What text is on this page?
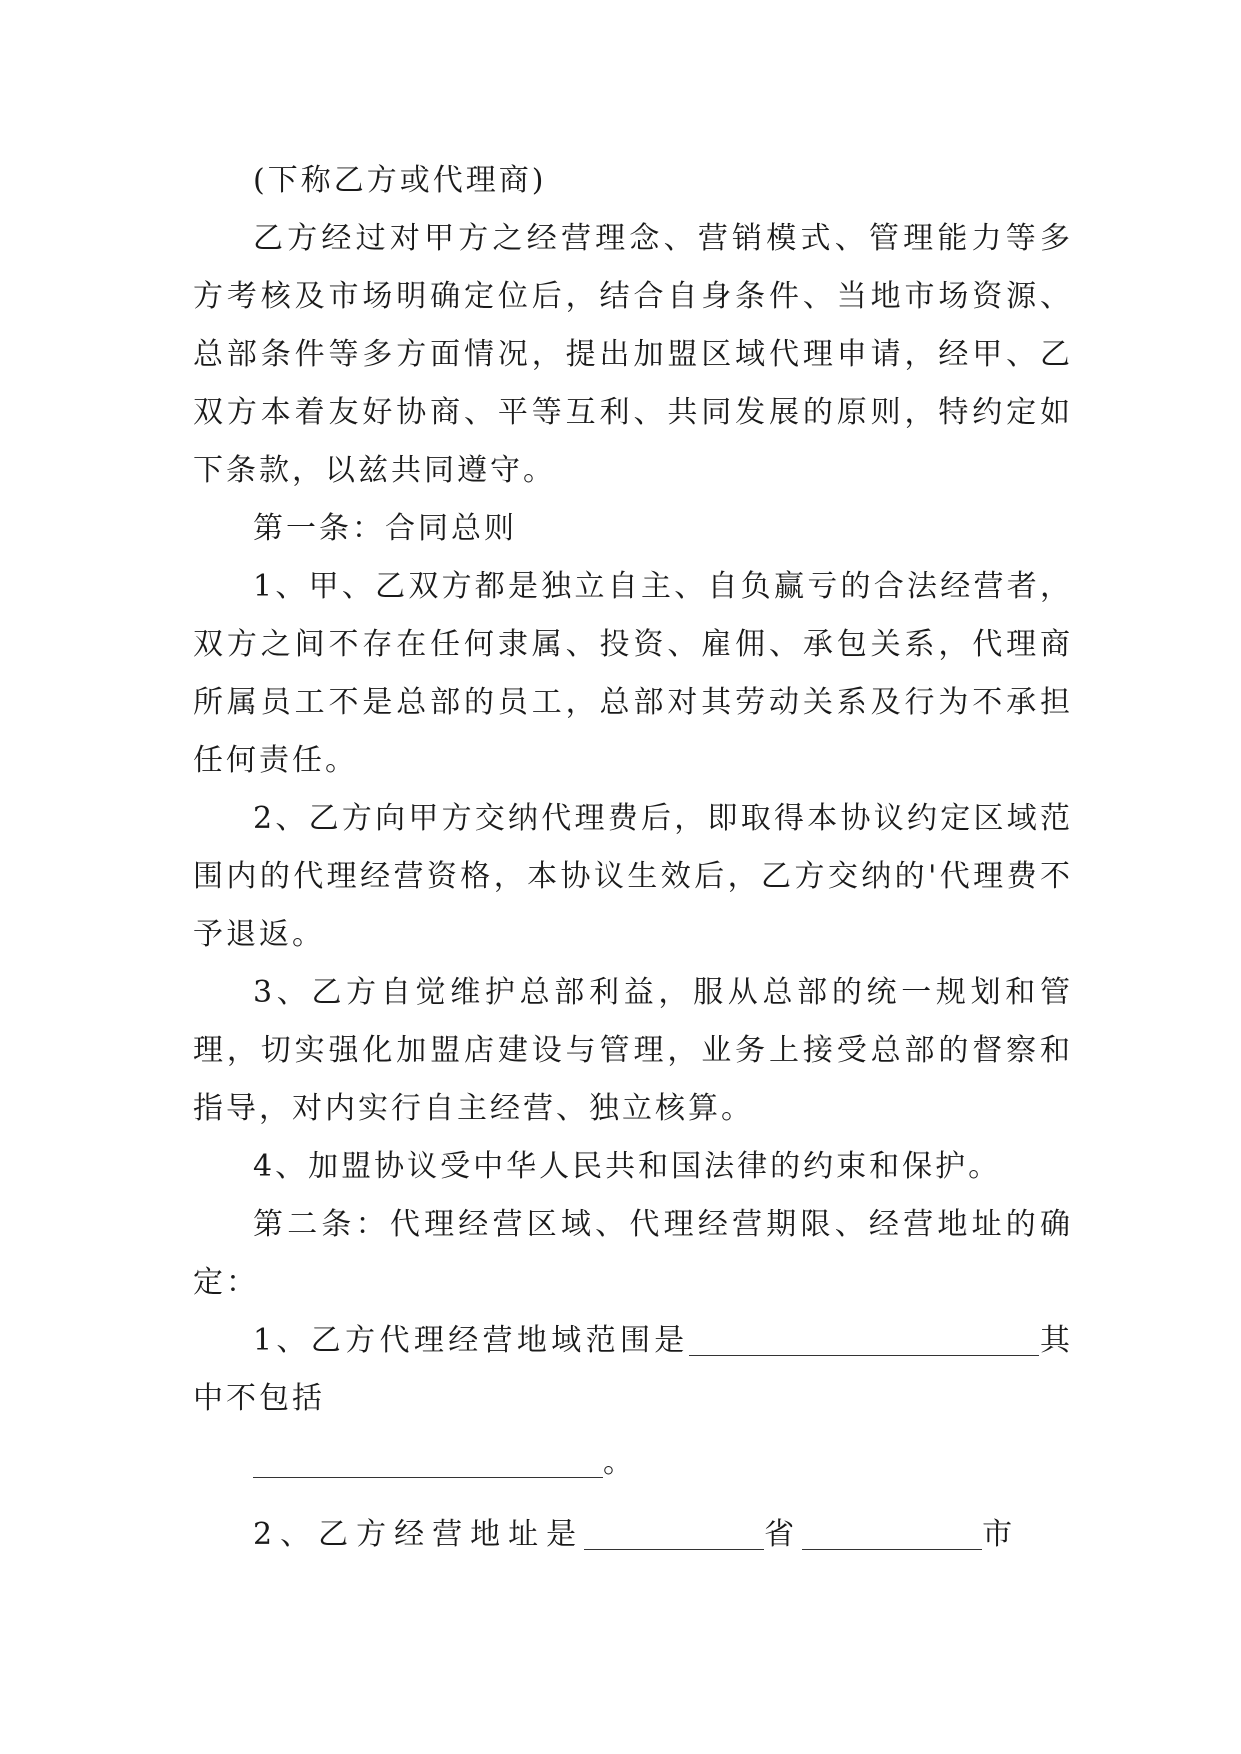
(下称乙方或代理商)

乙方经过对甲方之经营理念、营销模式、管理能力等多方考核及市场明确定位后，结合自身条件、当地市场资源、总部条件等多方面情况，提出加盟区域代理申请，经甲、乙双方本着友好协商、平等互利、共同发展的原则，特约定如下条款，以兹共同遵守。

第一条：合同总则

1、甲、乙双方都是独立自主、自负赢亏的合法经营者，双方之间不存在任何隶属、投资、雇佣、承包关系，代理商所属员工不是总部的员工，总部对其劳动关系及行为不承担任何责任。

2、乙方向甲方交纳代理费后，即取得本协议约定区域范围内的代理经营资格，本协议生效后，乙方交纳的'代理费不予退返。

3、乙方自觉维护总部利益，服从总部的统一规划和管理，切实强化加盟店建设与管理，业务上接受总部的督察和指导，对内实行自主经营、独立核算。

4、加盟协议受中华人民共和国法律的约束和保护。

第二条：代理经营区域、代理经营期限、经营地址的确定：

1、乙方代理经营地域范围是	其中不包括

。

2、乙方经营地址是	省	市
